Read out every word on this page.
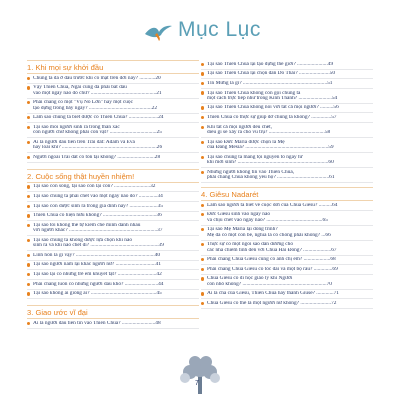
Mục Lục
1. Khi mọi sự khởi đầu
Chúng ta đã ở đâu trước khi có mặt trên đời này? ............20
Vậy Thiên Chúa, Ngài cũng đã phải bắt đầu
vào một ngày nào đó chứ? .................................................21
Phải chăng có một "Vụ Nổ Lớn" hay một cuộc
tạo dựng trong bảy ngày? ...............................................22
Làm sao chúng ta biết được có Thiên Chúa? ......................24
Tại sao mỗi người sinh ra trong thân xác
con người chứ không phải con vật? ...................................25
Ai là người đầu tiên trên Trái đất: Adam và Eva
hay loài khỉ? .......................................................................26
Người ngoài Trái đất có tồn tại không? ............................28
2. Cuộc sống thật huyền nhiệm!
Tại sao con sống, tại sao con lại con? ...........................32
Tại sao chúng ta phải chết vào một ngày nào đó? ..............34
Tại sao con được sinh ra trong gia đình này? .....................35
Thiên Chúa có hiện hữu không? ........................................36
Tại sao tôi không thể tự kiểm chế mình đánh nhau
với người khác? ..................................................................37
Tại sao chúng ta không được lựa chọn khi nào
sinh ra và khi nào chết đi? ...................................................39
Linh hồn là gì vậy? ...........................................................40
Tại sao người nam lại khác người nữ? ..............................41
Tại sao lại có những trẻ em khuyết tật? .............................42
Phải chăng luôn có những người đau khổ? .........................44
Tại sao không ai giống ai? .................................................45
3. Giao ước vĩ đại
Ai là người đầu tiên tin vào Thiên Chúa? .........................48
Tại sao Thiên Chúa lại tạo dựng thế giới? .......................49
Tại sao Thiên Chúa lại chọn dân Do Thái? .......................50
Tin Mừng là gì? ...............................................................51
Tại sao Thiên Chúa không còn gọi chúng ta
một cách trực tiếp như trong Kinh Thánh? .........................54
Tại sao Thiên Chúa không nói với tất cả mọi người? ..........56
Thiên Chúa có thực sự giúp đỡ chúng ta không? ...............57
Khi tất cả mọi người đều chết,
điều gì sẽ xảy ra cho vũ trụ? ..........................................58
Tại sao Đức Maria được chọn là Mẹ
của Đấng Mêsia? ..............................................................59
Tại sao chúng ta mang tội nguyên tổ ngay từ
khi mới sinh? ....................................................................60
Những người không tin vào Thiên Chúa,
phải chăng Chúa không yêu họ? .......................................61
4. Giêsu Nadarét
Làm sao người ta biết về cuộc đời của Chúa Giêsu? ..........64
Đức Giêsu sinh vào ngày nào
và chịu chết vào ngày nào? ..........................................65
Tại sao Mẹ Maria lại đồng trinh?
Mẹ đã có một con bé, nghĩa là có chồng phải không? ...66
Thực sự có một ngôi sao dẫn đường cho
các nhà chiêm tinh đến với Chúa Hài Đồng? .....................67
Phải chăng Chúa Giêsu cũng có anh chị em? ....................68
Phải chăng Chúa Giêsu có tóc dài và một bộ râu? ..............69
Chúa Giêsu có đi học giáo lý khi Người
còn nhỏ không? ...............................................................70
Ai là cha của Giêsu, Thiên Chúa hay thánh Giuse? .............71
Chúa Giêsu có thể là một người nữ không? .......................72
7
